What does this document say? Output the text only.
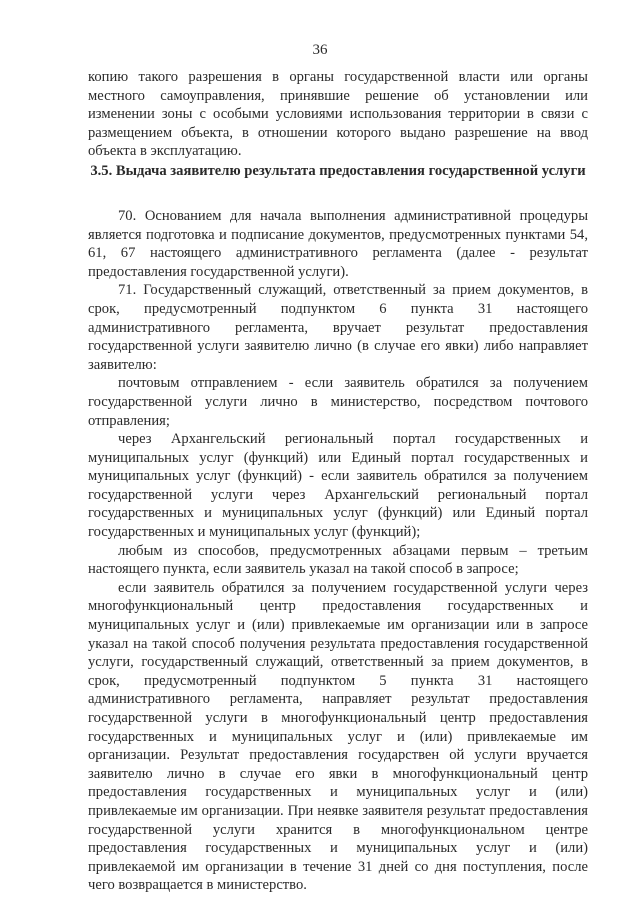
36

копию такого разрешения в органы государственной власти или органы местного самоуправления, принявшие решение об установлении или изменении зоны с особыми условиями использования территории в связи с размещением объекта, в отношении которого выдано разрешение на ввод объекта в эксплуатацию.

3.5. Выдача заявителю результата предоставления государственной услуги

70. Основанием для начала выполнения административной процедуры является подготовка и подписание документов, предусмотренных пунктами 54, 61, 67 настоящего административного регламента (далее - результат предоставления государственной услуги).

71. Государственный служащий, ответственный за прием документов, в срок, предусмотренный подпунктом 6 пункта 31 настоящего административного регламента, вручает результат предоставления государственной услуги заявителю лично (в случае его явки) либо направляет заявителю:

почтовым отправлением - если заявитель обратился за получением государственной услуги лично в министерство, посредством почтового отправления;

через Архангельский региональный портал государственных и муниципальных услуг (функций) или Единый портал государственных и муниципальных услуг (функций) - если заявитель обратился за получением государственной услуги через Архангельский региональный портал государственных и муниципальных услуг (функций) или Единый портал государственных и муниципальных услуг (функций);

любым из способов, предусмотренных абзацами первым – третьим настоящего пункта, если заявитель указал на такой способ в запросе;

если заявитель обратился за получением государственной услуги через многофункциональный центр предоставления государственных и муниципальных услуг и (или) привлекаемые им организации или в запросе указал на такой способ получения результата предоставления государственной услуги, государственный служащий, ответственный за прием документов, в срок, предусмотренный подпунктом 5 пункта 31 настоящего административного регламента, направляет результат предоставления государственной услуги в многофункциональный центр предоставления государственных и муниципальных услуг и (или) привлекаемые им организации. Результат предоставления государствен ой услуги вручается заявителю лично в случае его явки в многофункциональный центр предоставления государственных и муниципальных услуг и (или) привлекаемые им организации. При неявке заявителя результат предоставления государственной услуги хранится в многофункциональном центре предоставления государственных и муниципальных услуг и (или) привлекаемой им организации в течение 31 дней со дня поступления, после чего возвращается в министерство.
